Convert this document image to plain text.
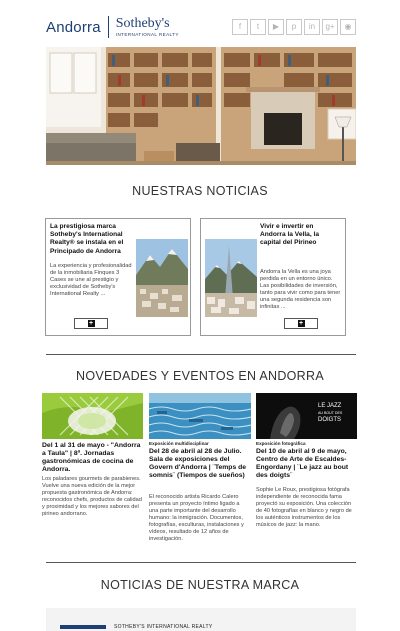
Andorra Sotheby's
INTERNATIONAL REALTY
f	t	▶	p	in	g+	◉
NUESTRAS NOTICIAS
La prestigiosa marca Sotheby's International Realty® se instala en el Principado de Andorra
La experiencia y profesionalidad de la inmobiliaria Finques 3 Cases se une al prestigio y exclusividad de Sotheby's International Realty ...
+
Vivir e invertir en Andorra la Vella, la capital del Pirineo
Andorra la Vella es una joya perdida en un entorno único. Las posibilidades de inversión, tanto para vivir como para tener una segunda residencia son infinitas ...
+
NOVEDADES Y EVENTOS EN ANDORRA
LE JAZZ
AU BOUT DES
DOIGTS
Exposición multidisciplinar	Exposición fotográfica
Del 1 al 31 de mayo - "Andorra a Taula" | 8ª. Jornadas gastronómicas de cocina de Andorra.
Del 28 de abril al 28 de Julio. Sala de exposiciones del Govern d'Andorra | ¨Temps de somnis¨ (Tiempos de sueños)
Del 10 de abril al 9 de mayo, Centro de Arte de Escaldes-Engordany | ¨Le jazz au bout des doigts¨
Los paladares gourmets de parabienes. Vuelve una nueva edición de la mejor propuesta gastronómica de Andorra: reconocidos chefs, productos de calidad y proximidad y los mejores sabores del pirineo andorrano.
El reconocido artista Ricardo Calero presenta un proyecto íntimo ligado a una parte importante del desarrollo humano: la inmigración. Documentos, fotografías, esculturas, instalaciones y vídeos, resultado de 12 años de investigación.
Sophie Le Roux, prestigiosa fotógrafa independiente de reconocida fama proyectó su exposición. Una colección de 40 fotografías en blanco y negro de los auténticos instrumentos de los músicos de jazz: la mano.
NOTICIAS DE NUESTRA MARCA
SOTHEBY'S INTERNATIONAL REALTY
